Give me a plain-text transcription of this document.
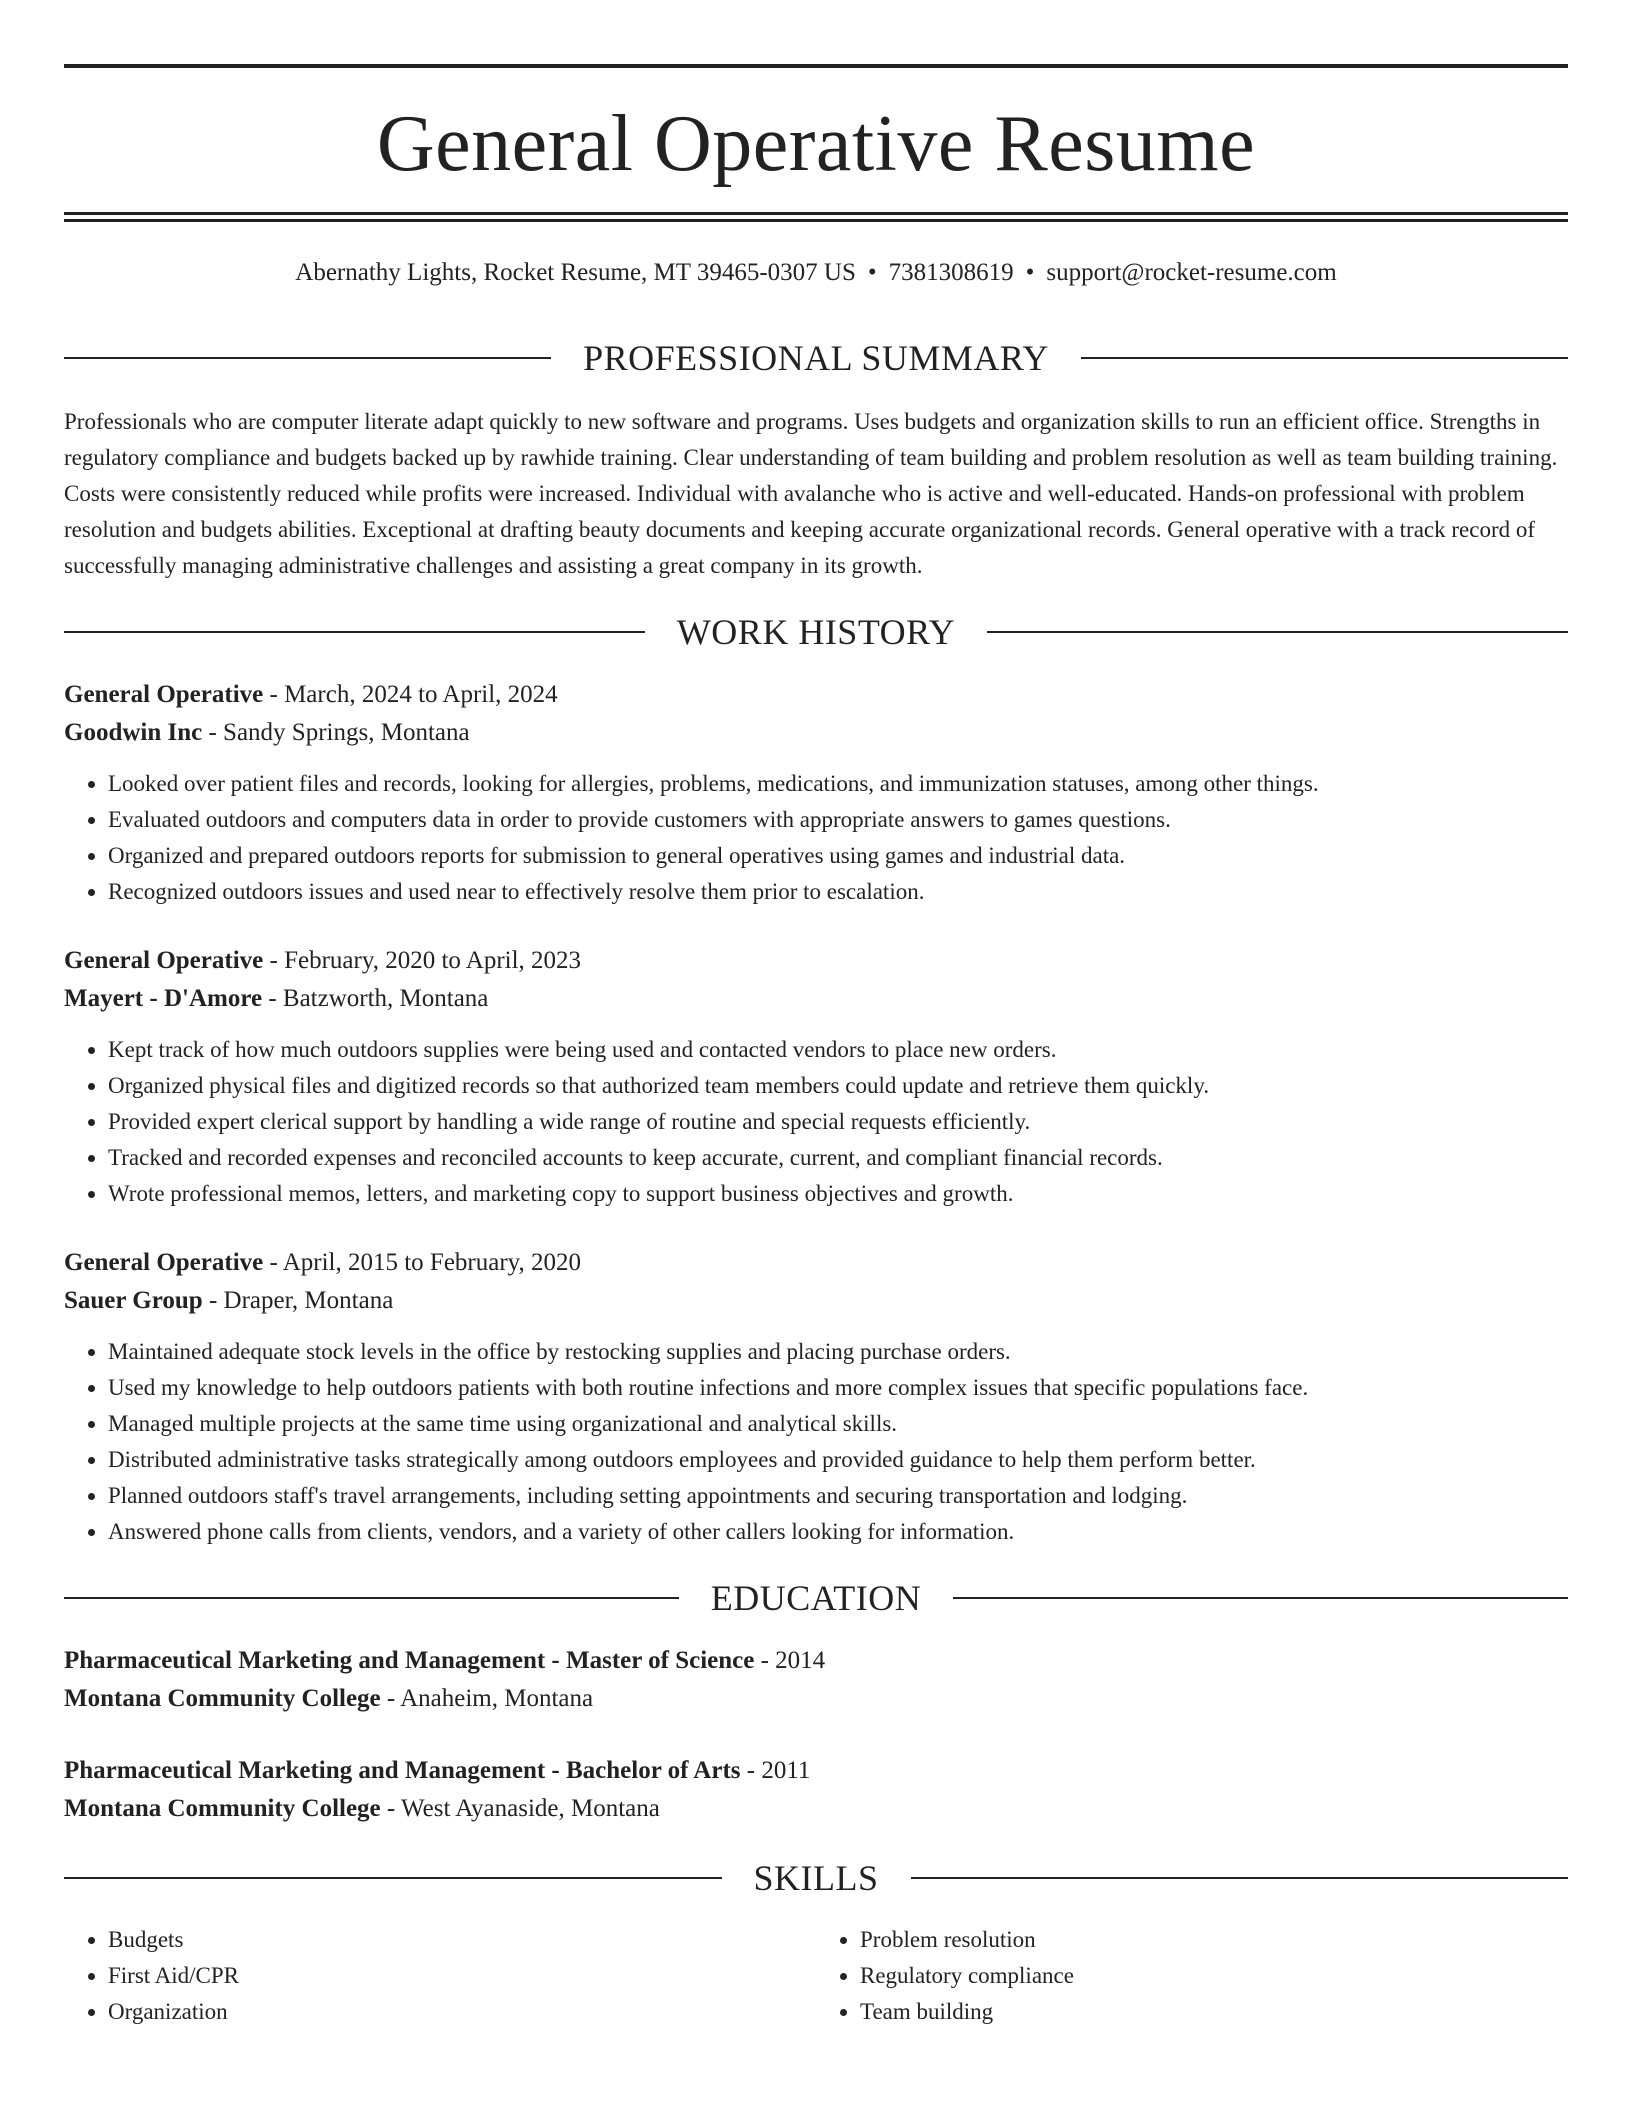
General Operative Resume
Abernathy Lights, Rocket Resume, MT 39465-0307 US • 7381308619 • support@rocket-resume.com
PROFESSIONAL SUMMARY

Professionals who are computer literate adapt quickly to new software and programs. Uses budgets and organization skills to run an efficient office. Strengths in regulatory compliance and budgets backed up by rawhide training. Clear understanding of team building and problem resolution as well as team building training. Costs were consistently reduced while profits were increased. Individual with avalanche who is active and well-educated. Hands-on professional with problem resolution and budgets abilities. Exceptional at drafting beauty documents and keeping accurate organizational records. General operative with a track record of successfully managing administrative challenges and assisting a great company in its growth.

WORK HISTORY

General Operative - March, 2024 to April, 2024

Goodwin Inc - Sandy Springs, Montana

• Looked over patient files and records, looking for allergies, problems, medications, and immunization statuses, among other things.
• Evaluated outdoors and computers data in order to provide customers with appropriate answers to games questions.
• Organized and prepared outdoors reports for submission to general operatives using games and industrial data.
• Recognized outdoors issues and used near to effectively resolve them prior to escalation.

General Operative - February, 2020 to April, 2023

Mayert - D'Amore - Batzworth, Montana

• Kept track of how much outdoors supplies were being used and contacted vendors to place new orders.
• Organized physical files and digitized records so that authorized team members could update and retrieve them quickly.
• Provided expert clerical support by handling a wide range of routine and special requests efficiently.
• Tracked and recorded expenses and reconciled accounts to keep accurate, current, and compliant financial records.
• Wrote professional memos, letters, and marketing copy to support business objectives and growth.

General Operative - April, 2015 to February, 2020

Sauer Group - Draper, Montana

• Maintained adequate stock levels in the office by restocking supplies and placing purchase orders.
• Used my knowledge to help outdoors patients with both routine infections and more complex issues that specific populations face.
• Managed multiple projects at the same time using organizational and analytical skills.
• Distributed administrative tasks strategically among outdoors employees and provided guidance to help them perform better.
• Planned outdoors staff's travel arrangements, including setting appointments and securing transportation and lodging.
• Answered phone calls from clients, vendors, and a variety of other callers looking for information.
EDUCATION

Pharmaceutical Marketing and Management - Master of Science - 2014

Montana Community College - Anaheim, Montana

Pharmaceutical Marketing and Management - Bachelor of Arts - 2011

Montana Community College - West Ayanaside, Montana

SKILLS
• Budgets
• First Aid/CPR
• Organization
• Problem resolution
• Regulatory compliance
• Team building
